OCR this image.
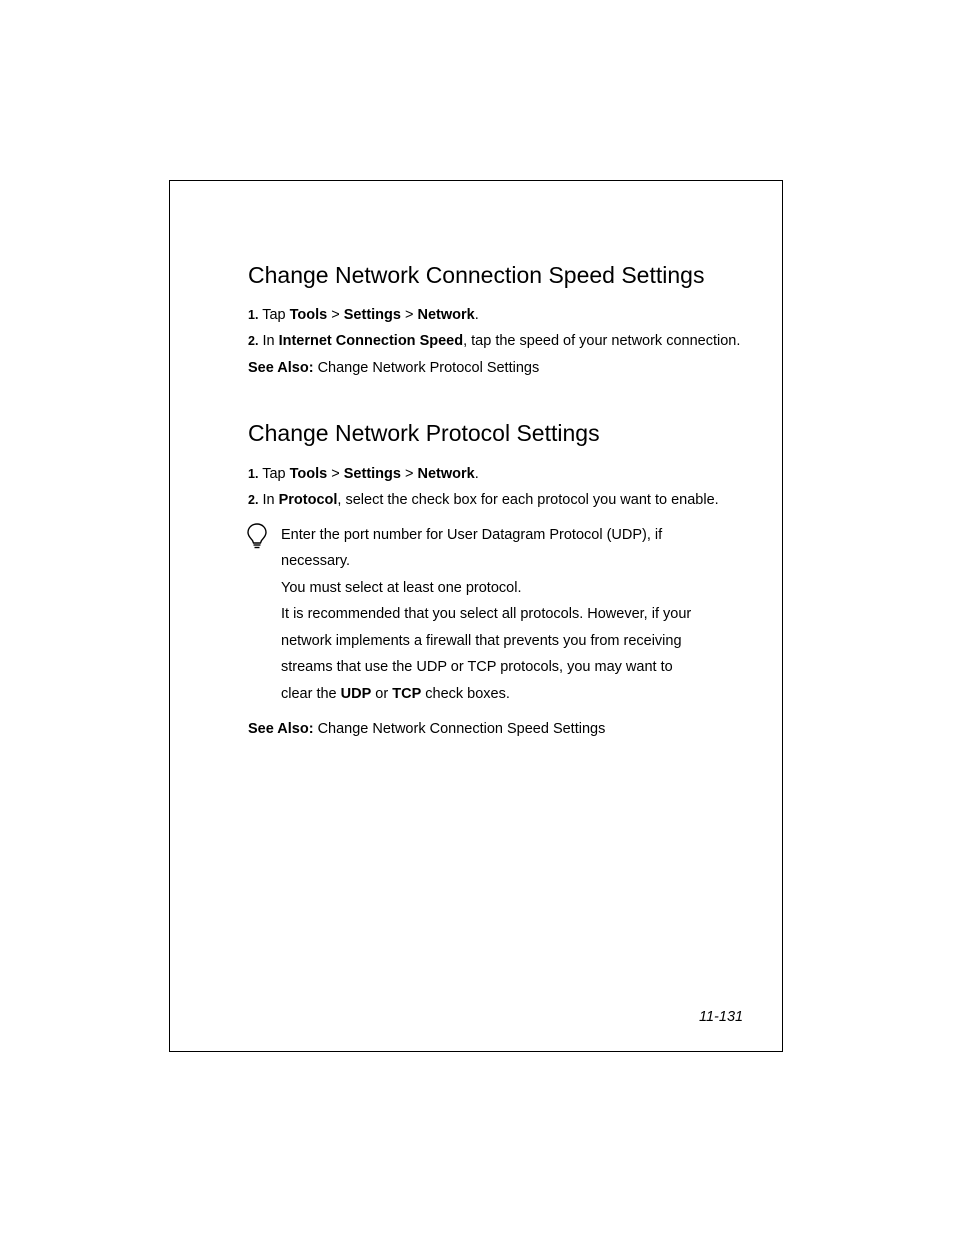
Change Network Connection Speed Settings
1. Tap Tools > Settings > Network.
2. In Internet Connection Speed, tap the speed of your network connection.
See Also: Change Network Protocol Settings
Change Network Protocol Settings
1. Tap Tools > Settings > Network.
2. In Protocol, select the check box for each protocol you want to enable.
See Also: Change Network Connection Speed Settings
Enter the port number for User Datagram Protocol (UDP), if
necessary.
You must select at least one protocol.
It is recommended that you select all protocols. However, if your
network implements a firewall that prevents you from receiving
streams that use the UDP or TCP protocols, you may want to
clear the UDP or TCP check boxes.
11-131
